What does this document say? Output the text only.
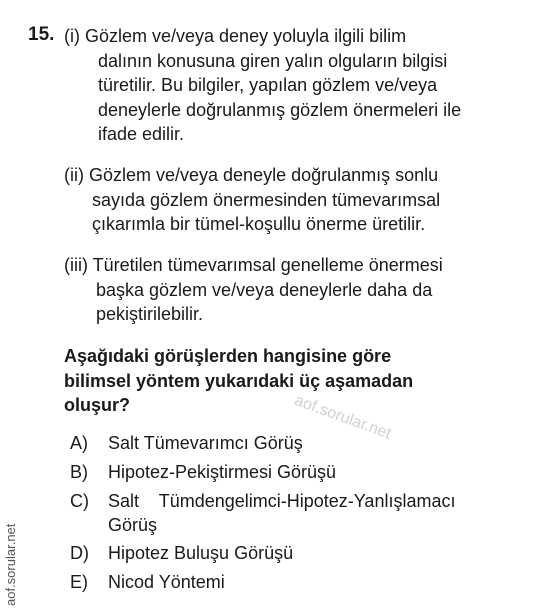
15. (i) Gözlem ve/veya deney yoluyla ilgili bilim
dalının konusuna giren yalın olguların bilgisi
türetilir. Bu bilgiler, yapılan gözlem ve/veya
deneylerle doğrulanmış gözlem önermeleri ile
ifade edilir.
(ii) Gözlem ve/veya deneyle doğrulanmış sonlu
sayıda gözlem önermesinden tümevarımsal
çıkarımla bir tümel-koşullu önerme üretilir.
(iii) Türetilen tümevarımsal genelleme önermesi
başka gözlem ve/veya deneylerle daha da
pekiştirilebilir.
Aşağıdaki görüşlerden hangisine göre
bilimsel yöntem yukarıdaki üç aşamadan
oluşur?
A)	Salt Tümevarımcı Görüş
B)	Hipotez-Pekiştirmesi Görüşü
C)	Salt    Tümdengelimci-Hipotez-Yanlışlamacı
Görüş
D)	Hipotez Buluşu Görüşü
E)	Nicod Yöntemi
aof.sorular.net
aof.sorular.net
